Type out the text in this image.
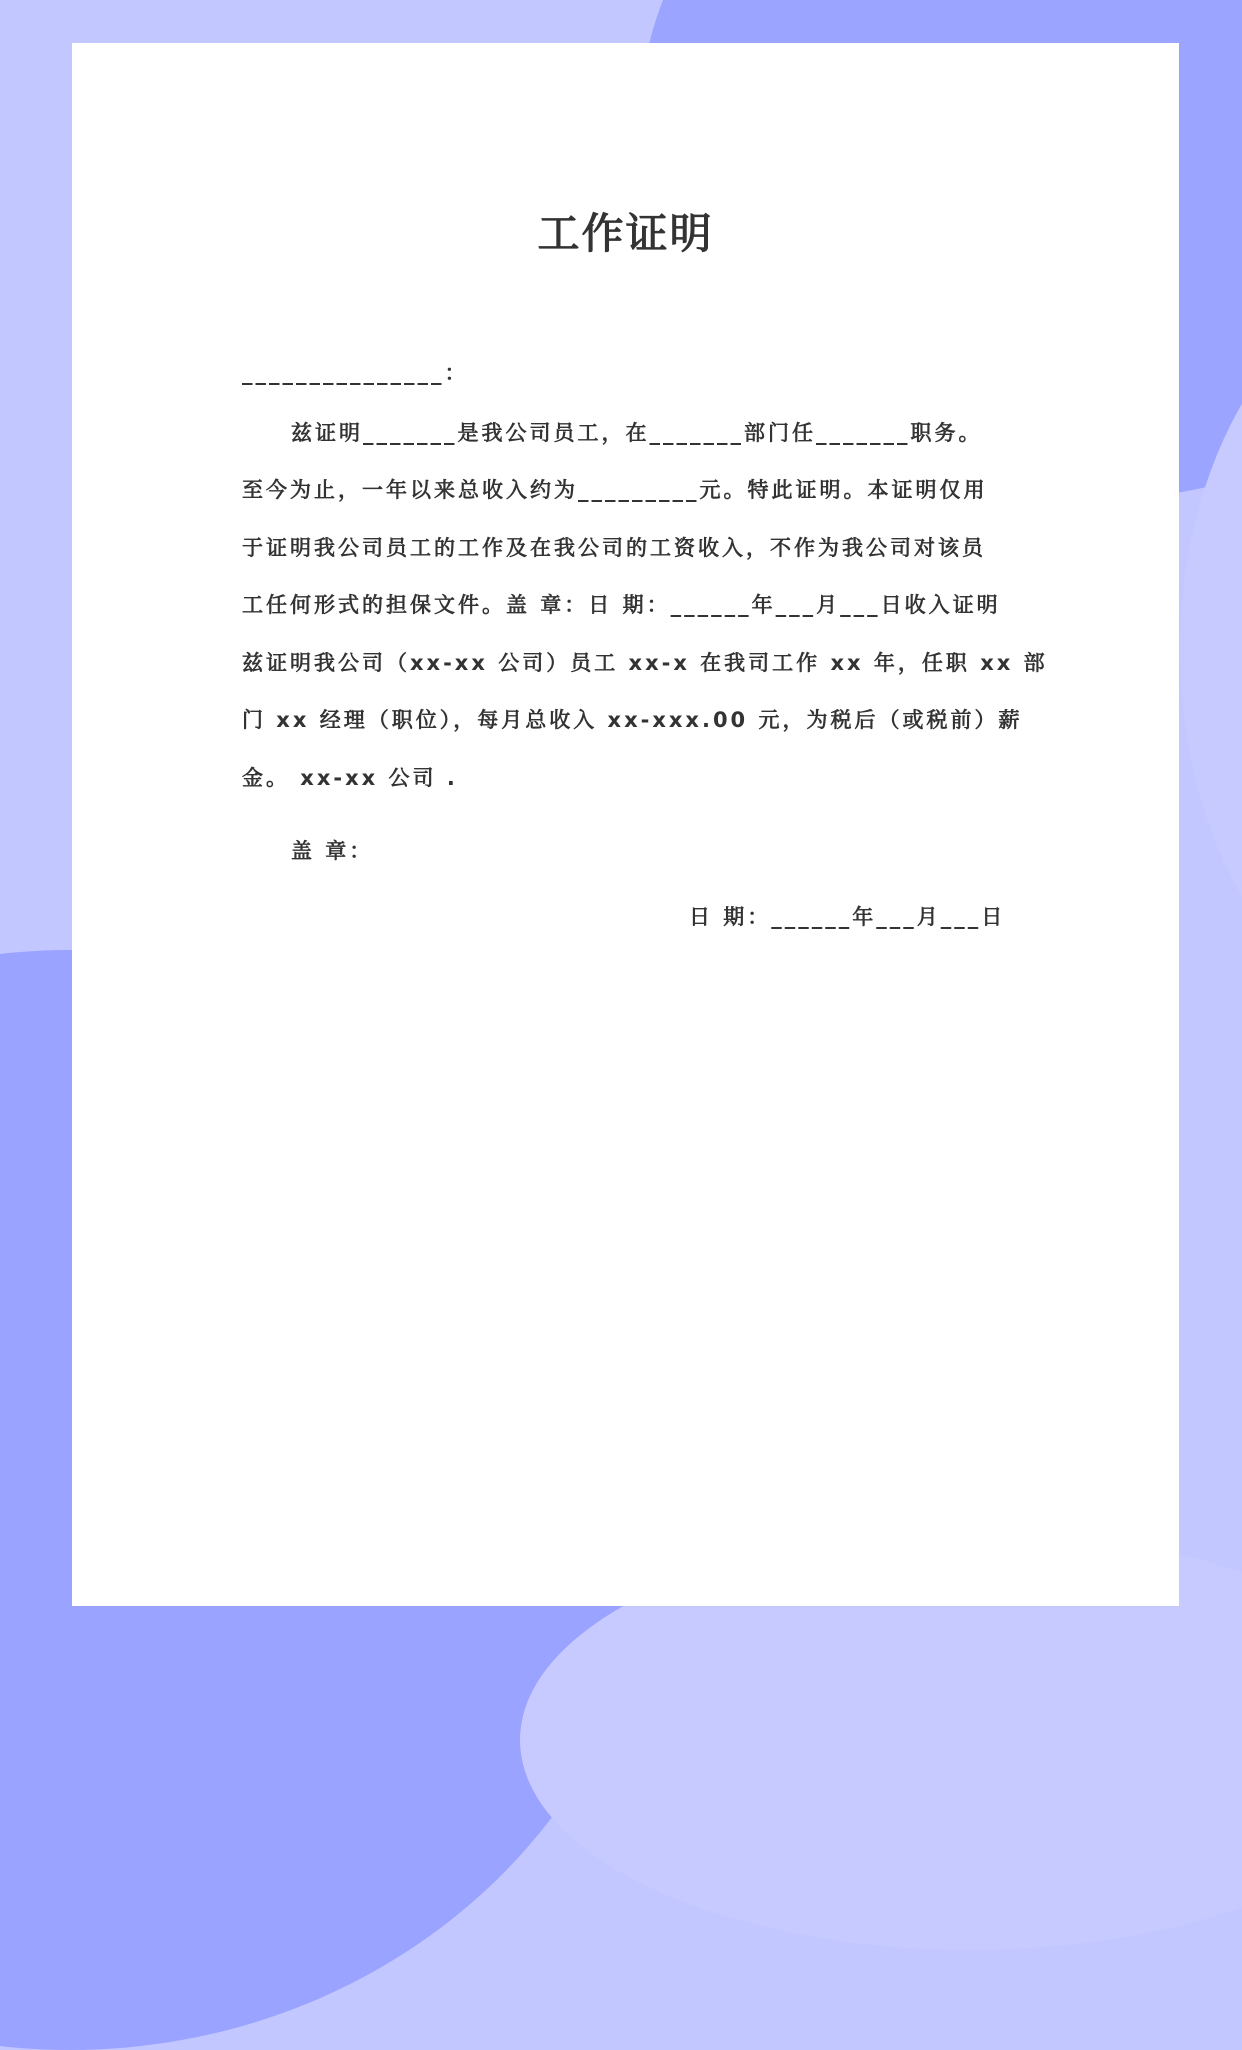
工作证明
_______________：
兹证明_______是我公司员工，在_______部门任_______职务。
至今为止，一年以来总收入约为_________元。特此证明。本证明仅用
于证明我公司员工的工作及在我公司的工资收入，不作为我公司对该员
工任何形式的担保文件。盖 章：日 期：______年___月___日收入证明
兹证明我公司（xx-xx 公司）员工 xx-x 在我司工作 xx 年，任职 xx 部
门 xx 经理（职位），每月总收入 xx-xxx.00 元，为税后（或税前）薪
金。 xx-xx 公司 .
盖 章：
日 期：______年___月___日
